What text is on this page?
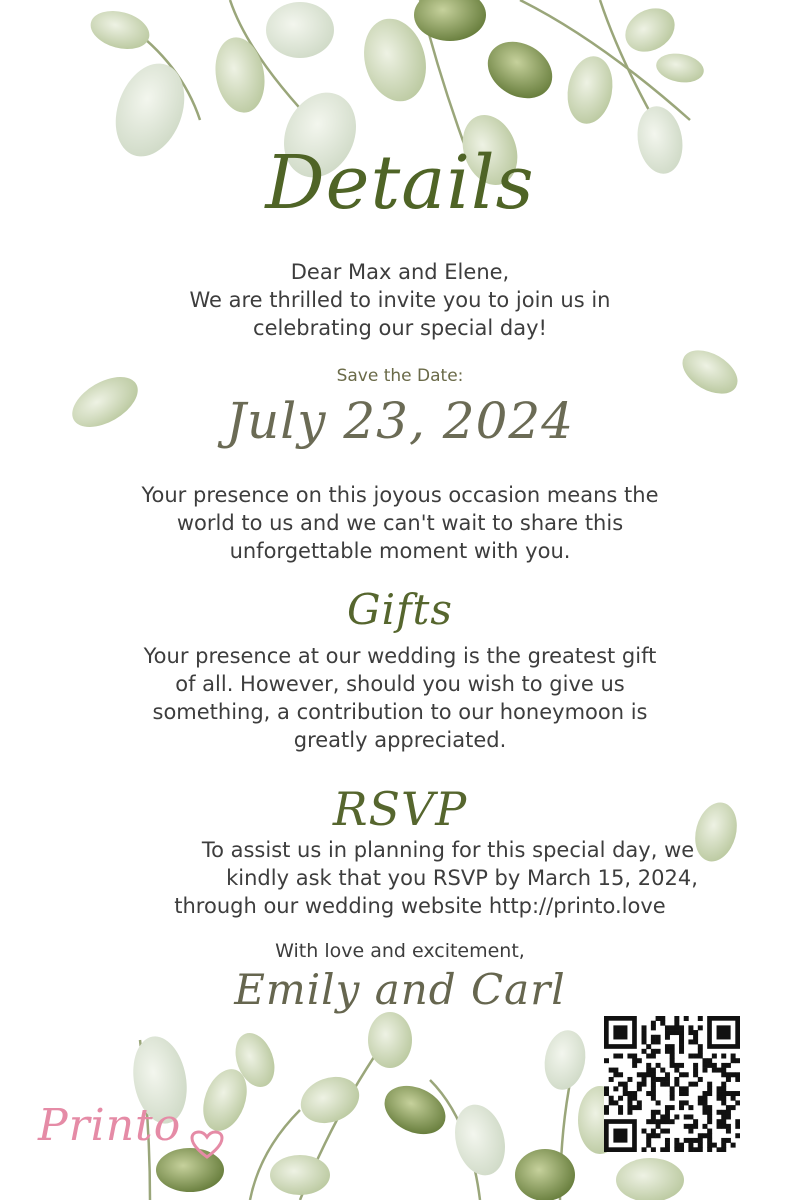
Details
Dear Max and Elene,
We are thrilled to invite you to join us in
celebrating our special day!
Save the Date:
July 23, 2024
Your presence on this joyous occasion means the
world to us and we can't wait to share this
unforgettable moment with you.
Gifts
Your presence at our wedding is the greatest gift
of all. However, should you wish to give us
something, a contribution to our honeymoon is
greatly appreciated.
RSVP
To assist us in planning for this special day, we
kindly ask that you RSVP by March 15, 2024,
through our wedding website http://printo.love
With love and excitement,
Emily and Carl
Printo
